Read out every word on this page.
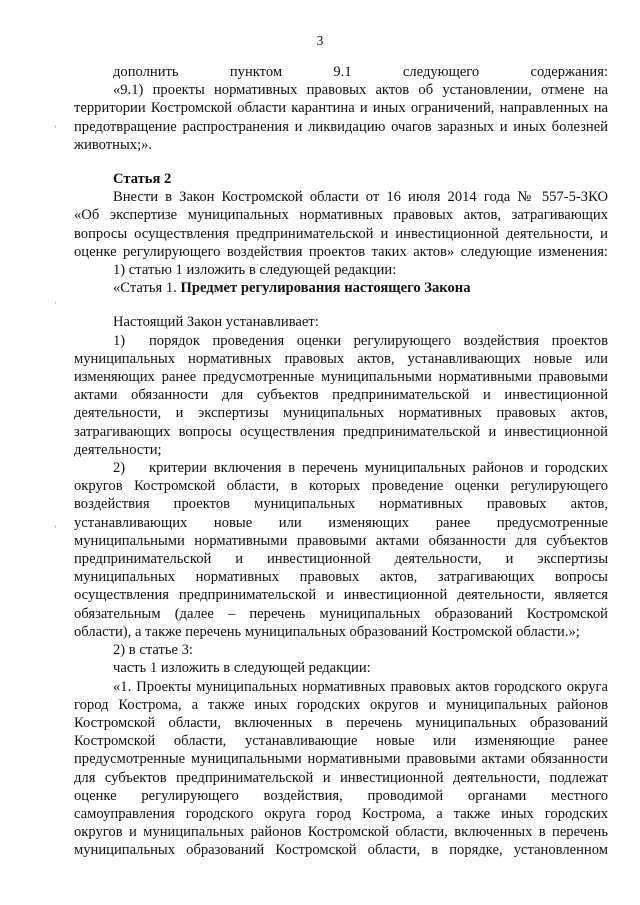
3
‛
·
‛
дополнить пунктом 9.1 следующего содержания:
«9.1) проекты нормативных правовых актов об установлении, отмене на
территории Костромской области карантина и иных ограничений, направленных на
предотвращение распространения и ликвидацию очагов заразных и иных болезней
животных;».
Статья 2
Внести в Закон Костромской области от 16 июля 2014 года № 557-5-ЗКО
«Об экспертизе муниципальных нормативных правовых актов, затрагивающих
вопросы осуществления предпринимательской и инвестиционной деятельности, и
оценке регулирующего воздействия проектов таких актов» следующие изменения:
1) статью 1 изложить в следующей редакции:
«Статья 1. Предмет регулирования настоящего Закона
Настоящий Закон устанавливает:
1) порядок проведения оценки регулирующего воздействия проектов
муниципальных нормативных правовых актов, устанавливающих новые или
изменяющих ранее предусмотренные муниципальными нормативными правовыми
актами обязанности для субъектов предпринимательской и инвестиционной
деятельности, и экспертизы муниципальных нормативных правовых актов,
затрагивающих вопросы осуществления предпринимательской и инвестиционной
деятельности;
2) критерии включения в перечень муниципальных районов и городских
округов Костромской области, в которых проведение оценки регулирующего
воздействия проектов муниципальных нормативных правовых актов,
устанавливающих новые или изменяющих ранее предусмотренные
муниципальными нормативными правовыми актами обязанности для субъектов
предпринимательской и инвестиционной деятельности, и экспертизы
муниципальных нормативных правовых актов, затрагивающих вопросы
осуществления предпринимательской и инвестиционной деятельности, является
обязательным (далее – перечень муниципальных образований Костромской
области), а также перечень муниципальных образований Костромской области.»;
2) в статье 3:
часть 1 изложить в следующей редакции:
«1. Проекты муниципальных нормативных правовых актов городского округа
город Кострома, а также иных городских округов и муниципальных районов
Костромской области, включенных в перечень муниципальных образований
Костромской области, устанавливающие новые или изменяющие ранее
предусмотренные муниципальными нормативными правовыми актами обязанности
для субъектов предпринимательской и инвестиционной деятельности, подлежат
оценке регулирующего воздействия, проводимой органами местного
самоуправления городского округа город Кострома, а также иных городских
округов и муниципальных районов Костромской области, включенных в перечень
муниципальных образований Костромской области, в порядке, установленном
